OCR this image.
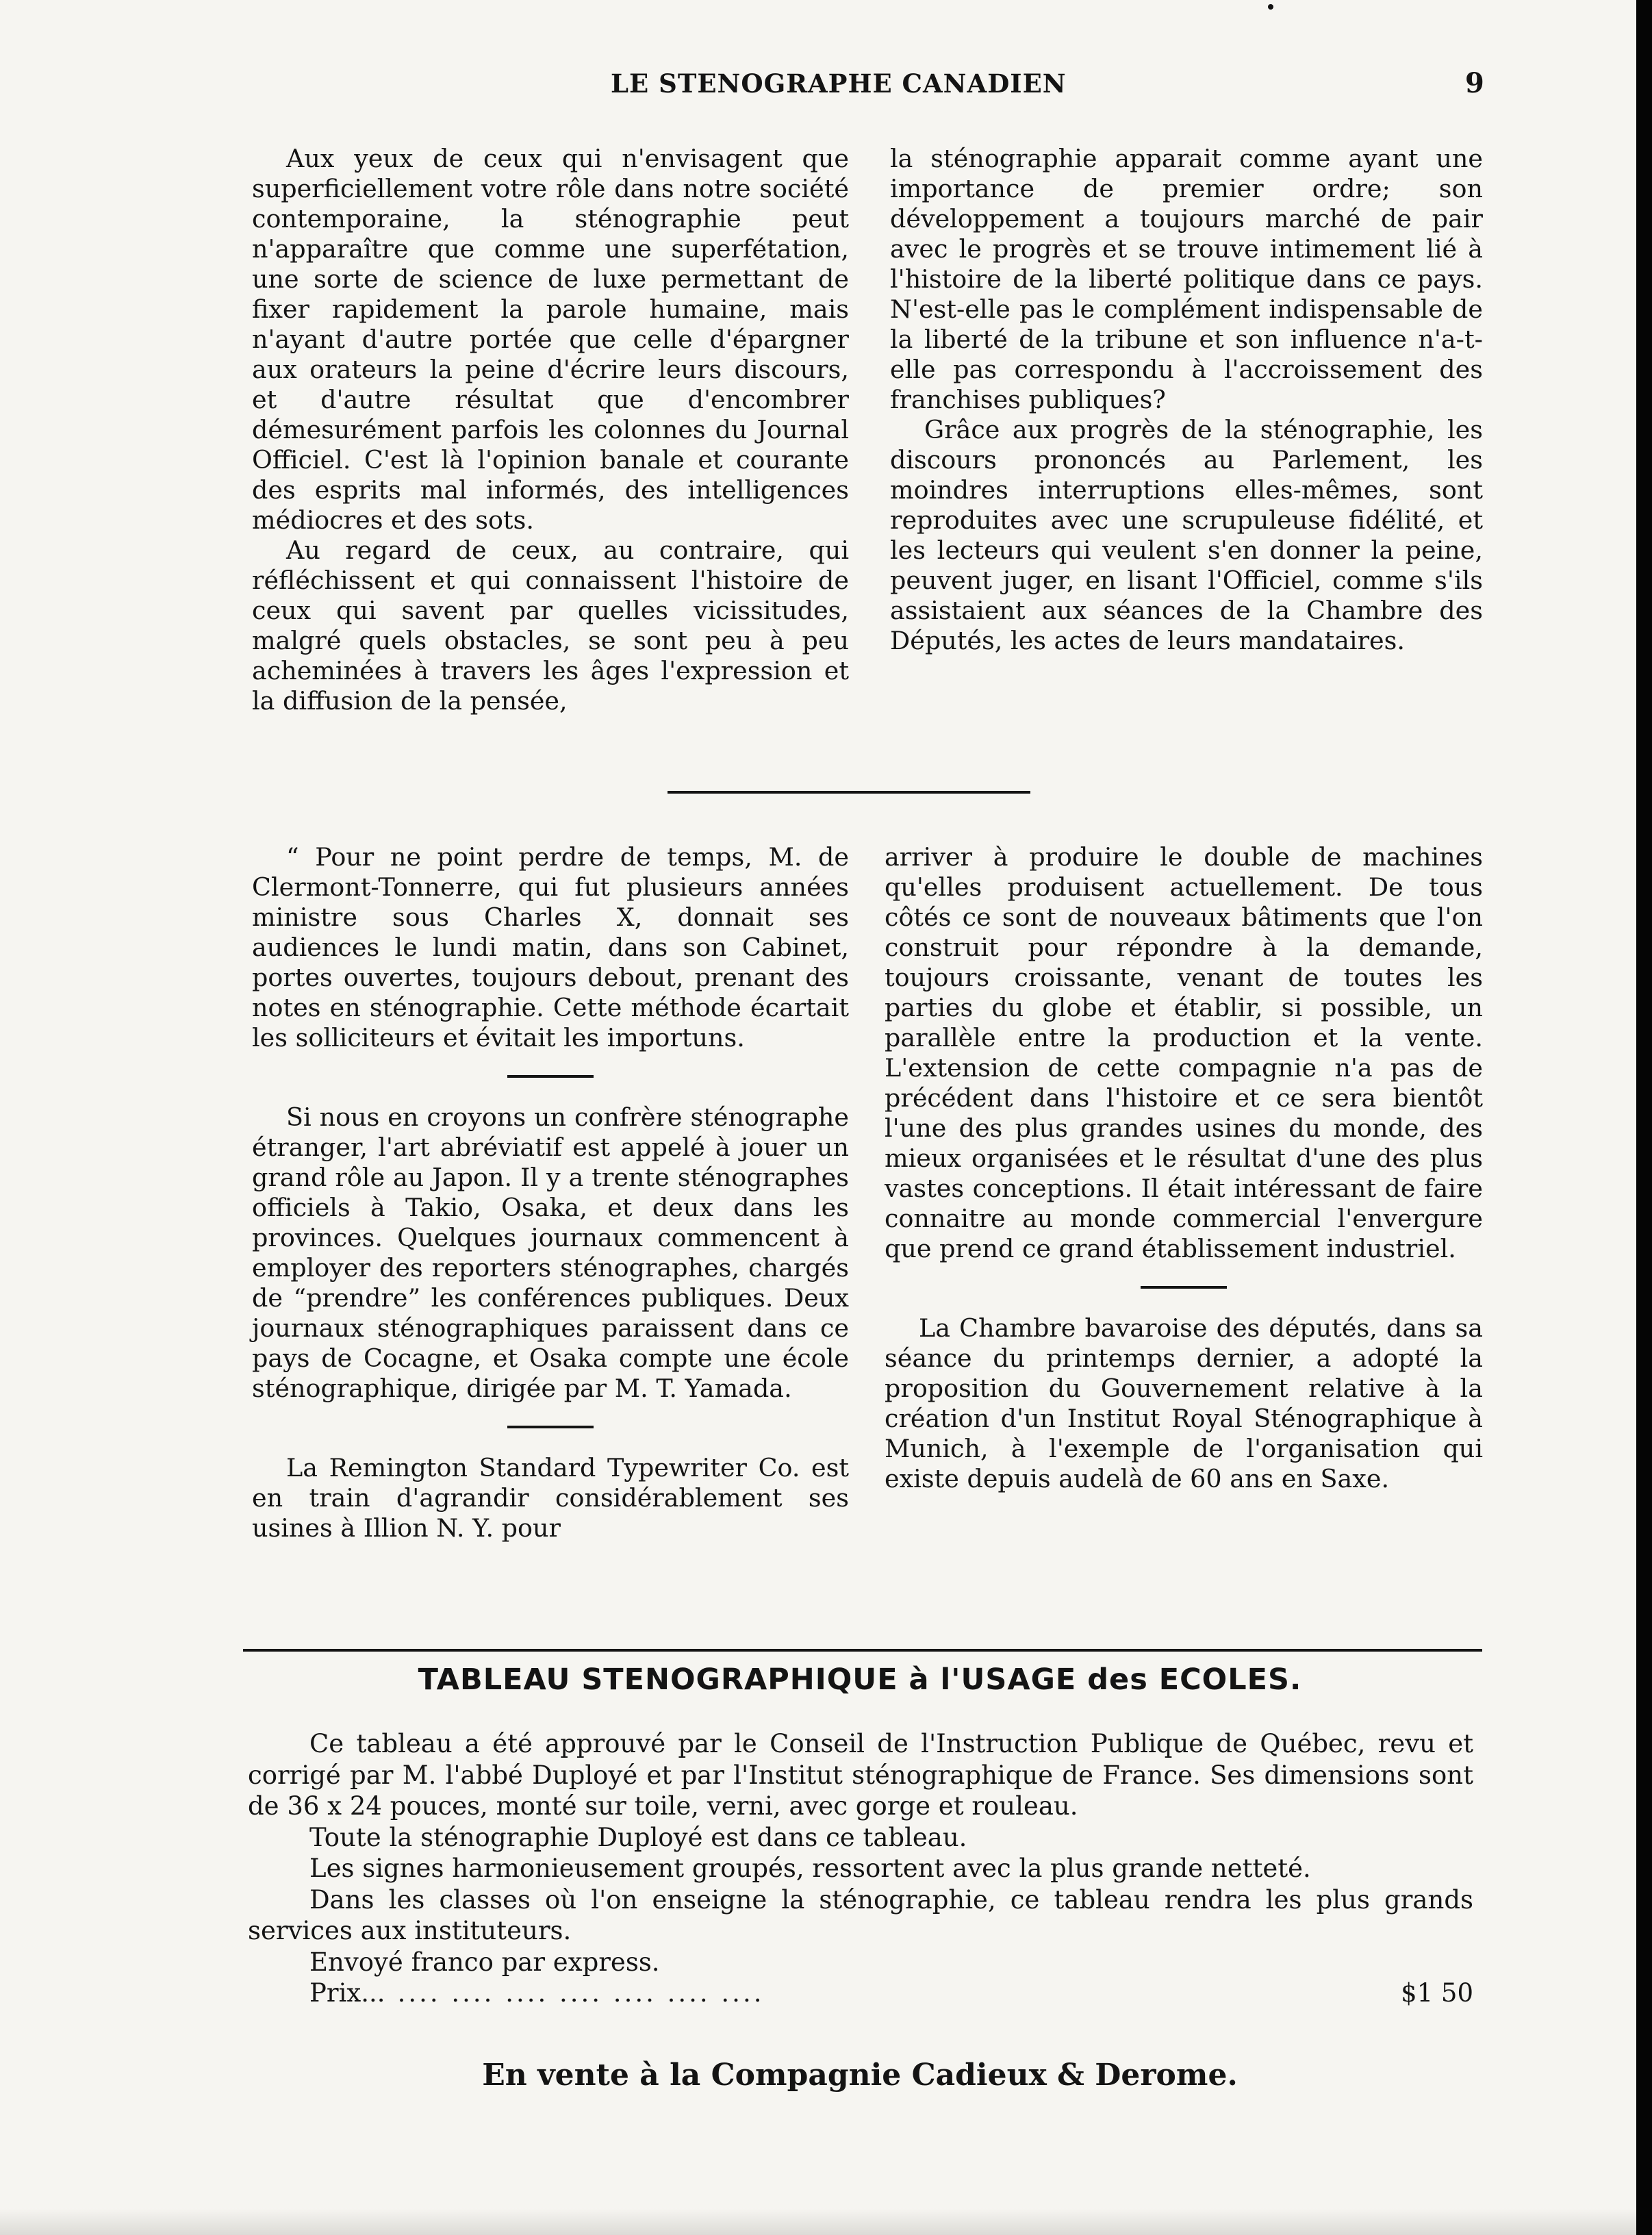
LE STENOGRAPHE CANADIEN	9

Aux yeux de ceux qui n'envisagent que superficiellement votre rôle dans notre société contemporaine, la sténographie peut n'apparaître que comme une superfétation, une sorte de science de luxe permettant de fixer rapidement la parole humaine, mais n'ayant d'autre portée que celle d'épargner aux orateurs la peine d'écrire leurs discours, et d'autre résultat que d'encombrer démesurément parfois les colonnes du Journal Officiel. C'est là l'opinion banale et courante des esprits mal informés, des intelligences médiocres et des sots.

Au regard de ceux, au contraire, qui réfléchissent et qui connaissent l'histoire de ceux qui savent par quelles vicissitudes, malgré quels obstacles, se sont peu à peu acheminées à travers les âges l'expression et la diffusion de la pensée,

la sténographie apparait comme ayant une importance de premier ordre; son développement a toujours marché de pair avec le progrès et se trouve intimement lié à l'histoire de la liberté politique dans ce pays. N'est-elle pas le complément indispensable de la liberté de la tribune et son influence n'a-t-elle pas correspondu à l'accroissement des franchises publiques?

Grâce aux progrès de la sténographie, les discours prononcés au Parlement, les moindres interruptions elles-mêmes, sont reproduites avec une scrupuleuse fidélité, et les lecteurs qui veulent s'en donner la peine, peuvent juger, en lisant l'Officiel, comme s'ils assistaient aux séances de la Chambre des Députés, les actes de leurs mandataires.

“ Pour ne point perdre de temps, M. de Clermont-Tonnerre, qui fut plusieurs années ministre sous Charles X, donnait ses audiences le lundi matin, dans son Cabinet, portes ouvertes, toujours debout, prenant des notes en sténographie. Cette méthode écartait les solliciteurs et évitait les importuns.

Si nous en croyons un confrère sténographe étranger, l'art abréviatif est appelé à jouer un grand rôle au Japon. Il y a trente sténographes officiels à Takio, Osaka, et deux dans les provinces. Quelques journaux commencent à employer des reporters sténographes, chargés de “prendre” les conférences publiques. Deux journaux sténographiques paraissent dans ce pays de Cocagne, et Osaka compte une école sténographique, dirigée par M. T. Yamada.

La Remington Standard Typewriter Co. est en train d'agrandir considérablement ses usines à Illion N. Y. pour

arriver à produire le double de machines qu'elles produisent actuellement. De tous côtés ce sont de nouveaux bâtiments que l'on construit pour répondre à la demande, toujours croissante, venant de toutes les parties du globe et établir, si possible, un parallèle entre la production et la vente. L'extension de cette compagnie n'a pas de précédent dans l'histoire et ce sera bientôt l'une des plus grandes usines du monde, des mieux organisées et le résultat d'une des plus vastes conceptions. Il était intéressant de faire connaitre au monde commercial l'envergure que prend ce grand établissement industriel.

La Chambre bavaroise des députés, dans sa séance du printemps dernier, a adopté la proposition du Gouvernement relative à la création d'un Institut Royal Sténographique à Munich, à l'exemple de l'organisation qui existe depuis audelà de 60 ans en Saxe.

TABLEAU STENOGRAPHIQUE à l'USAGE des ECOLES.

Ce tableau a été approuvé par le Conseil de l'Instruction Publique de Québec, revu et corrigé par M. l'abbé Duployé et par l'Institut sténographique de France. Ses dimensions sont de 36 x 24 pouces, monté sur toile, verni, avec gorge et rouleau.

Toute la sténographie Duployé est dans ce tableau.

Les signes harmonieusement groupés, ressortent avec la plus grande netteté.

Dans les classes où l'on enseigne la sténographie, ce tableau rendra les plus grands services aux instituteurs.

Envoyé franco par express.

Prix... .... .... .... .... .... .... ....	$1 50
En vente à la Compagnie Cadieux & Derome.
